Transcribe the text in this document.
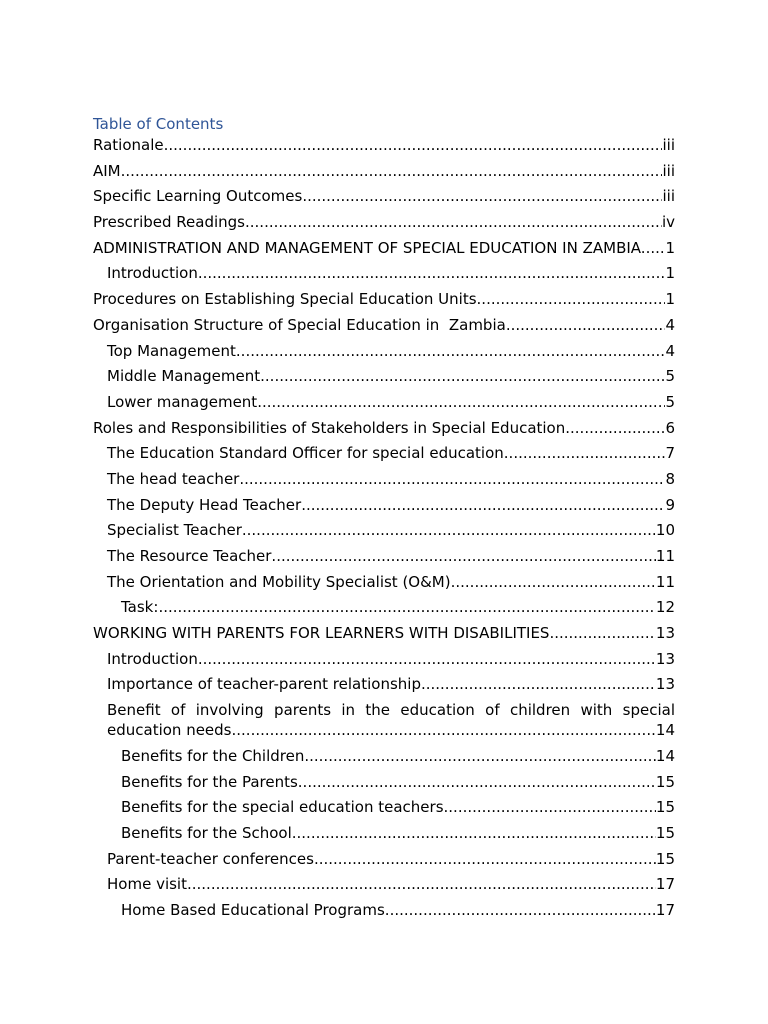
Table of Contents
Rationale .....	iii
AIM .....	iii
Specific Learning Outcomes .....	iii
Prescribed Readings .....	iv
ADMINISTRATION AND MANAGEMENT OF SPECIAL EDUCATION IN ZAMBIA. ..... 1
Introduction .....	1
Procedures on Establishing Special Education Units .....	1
Organisation Structure of Special Education in  Zambia .....	4
Top Management .....	4
Middle Management .....	5
Lower management .....	5
Roles and Responsibilities of Stakeholders in Special Education .....	6
The Education Standard Officer for special education .....	7
The head teacher .....	8
The Deputy Head Teacher .....	9
Specialist Teacher .....	10
The Resource Teacher .....	11
The Orientation and Mobility Specialist (O&M) .....	11
Task: .....	12
WORKING WITH PARENTS FOR LEARNERS WITH DISABILITIES .....	13
Introduction .....	13
Importance of teacher-parent relationship .....	13
Benefit of involving parents in the education of children with special
education needs .....	14
Benefits for the Children .....	14
Benefits for the Parents .....	15
Benefits for the special education teachers .....	15
Benefits for the School .....	15
Parent-teacher conferences .....	15
Home visit .....	17
Home Based Educational Programs .....	17
